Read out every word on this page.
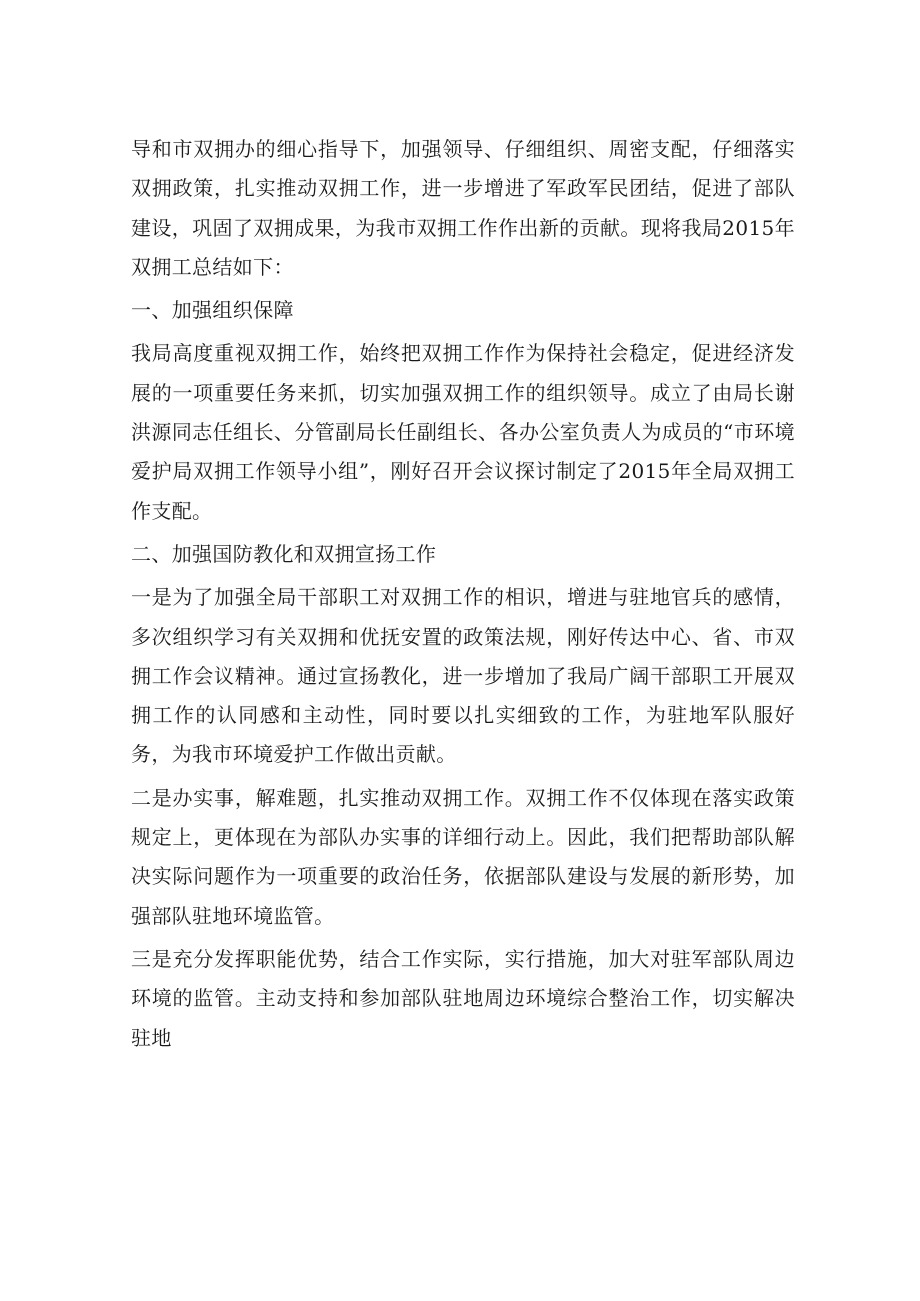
导和市双拥办的细心指导下，加强领导、仔细组织、周密支配，仔细落实双拥政策，扎实推动双拥工作，进一步增进了军政军民团结，促进了部队建设，巩固了双拥成果，为我市双拥工作作出新的贡献。现将我局2015年双拥工总结如下：

一、加强组织保障

我局高度重视双拥工作，始终把双拥工作作为保持社会稳定，促进经济发展的一项重要任务来抓，切实加强双拥工作的组织领导。成立了由局长谢洪源同志任组长、分管副局长任副组长、各办公室负责人为成员的“市环境爱护局双拥工作领导小组”，刚好召开会议探讨制定了2015年全局双拥工作支配。

二、加强国防教化和双拥宣扬工作

一是为了加强全局干部职工对双拥工作的相识，增进与驻地官兵的感情，多次组织学习有关双拥和优抚安置的政策法规，刚好传达中心、省、市双拥工作会议精神。通过宣扬教化，进一步增加了我局广阔干部职工开展双拥工作的认同感和主动性，同时要以扎实细致的工作，为驻地军队服好务，为我市环境爱护工作做出贡献。

二是办实事，解难题，扎实推动双拥工作。双拥工作不仅体现在落实政策规定上，更体现在为部队办实事的详细行动上。因此，我们把帮助部队解决实际问题作为一项重要的政治任务，依据部队建设与发展的新形势，加强部队驻地环境监管。

三是充分发挥职能优势，结合工作实际，实行措施，加大对驻军部队周边环境的监管。主动支持和参加部队驻地周边环境综合整治工作，切实解决驻地
